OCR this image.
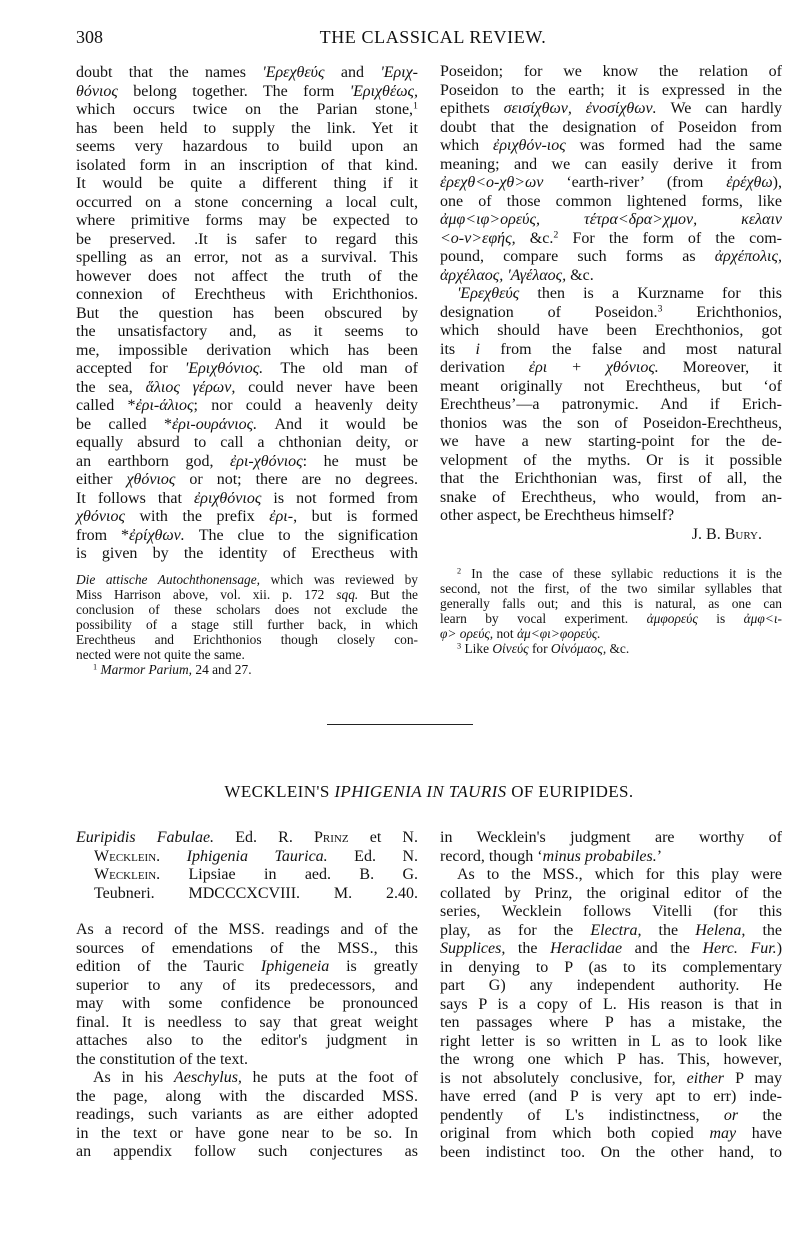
308	THE CLASSICAL REVIEW.
doubt that the names 'Ερεχθεύς and 'Εριχ-
θόνιος belong together. The form 'Εριχθέως,
which occurs twice on the Parian stone,$^1$
has been held to supply the link. Yet it
seems very hazardous to build upon an
isolated form in an inscription of that kind.
It would be quite a different thing if it
occurred on a stone concerning a local cult,
where primitive forms may be expected to
be preserved. .It is safer to regard this
spelling as an error, not as a survival. This
however does not affect the truth of the
connexion of Erechtheus with Erichthonios.
But the question has been obscured by
the unsatisfactory and, as it seems to
me, impossible derivation which has been
accepted for 'Εριχθόνιος. The old man of
the sea, ἅλιος γέρων, could never have been
called *ἐρι-άλιος; nor could a heavenly deity
be called *ἐρι-ουράνιος. And it would be
equally absurd to call a chthonian deity, or
an earthborn god, ἐρι-χθόνιος: he must be
either χθόνιος or not; there are no degrees.
It follows that ἐριχθόνιος is not formed from
χθόνιος with the prefix ἐρι-, but is formed
from *ἐρίχθων. The clue to the signification
is given by the identity of Erectheus with
Die attische Autochthonensage, which was reviewed by
Miss Harrison above, vol. xii. p. 172 sqq. But the
conclusion of these scholars does not exclude the
possibility of a stage still further back, in which
Erechtheus and Erichthonios though closely con-
nected were not quite the same.
$^1$ Marmor Parium, 24 and 27.
Poseidon; for we know the relation of
Poseidon to the earth; it is expressed in the
epithets σεισίχθων, ἐνοσίχθων. We can hardly
doubt that the designation of Poseidon from
which ἐριχθόν-ιος was formed had the same
meaning; and we can easily derive it from
ἐρεχθ<ο-χθ>ων ‘earth-river’ (from ἐρέχθω),
one of those common lightened forms, like
ἀμφ<ιφ>ορεύς, τέτρα<δρα>χμον,	κελαιν
<ο-ν>εφής, &c.$^2$ For the form of the com-
pound, compare such forms as ἀρχέπολις,
ἀρχέλαος, 'Αγέλαος, &c.
'Ερεχθεύς then is a Kurzname for this
designation of Poseidon.$^3$ Erichthonios,
which should have been Erechthonios, got
its i from the false and most natural
derivation ἐρι + χθόνιος. Moreover, it
meant originally not Erechtheus, but ‘of
Erechtheus’—a patronymic. And if Erich-
thonios was the son of Poseidon-Erechtheus,
we have a new starting-point for the de-
velopment of the myths. Or is it possible
that the Erichthonian was, first of all, the
snake of Erechtheus, who would, from an-
other aspect, be Erechtheus himself?
J. B. Bury.
$^2$ In the case of these syllabic reductions it is the
second, not the first, of the two similar syllables that
generally falls out; and this is natural, as one can
learn by vocal experiment. ἀμφορεύς is ἀμφ<ι-
φ> ορεύς, not ἀμ<φι>φορεύς.
$^3$ Like Οἰνεύς for Οἰνόμαος, &c.
WECKLEIN'S IPHIGENIA IN TAURIS OF EURIPIDES.
Euripidis Fabulae. Ed. R. Prinz et N.
Wecklein. Iphigenia Taurica. Ed. N.
Wecklein. Lipsiae in aed. B. G.
Teubneri. MDCCCXCVIII. M. 2.40.
As a record of the MSS. readings and of the
sources of emendations of the MSS., this
edition of the Tauric Iphigeneia is greatly
superior to any of its predecessors, and
may with some confidence be pronounced
final. It is needless to say that great weight
attaches also to the editor's judgment in
the constitution of the text.
As in his Aeschylus, he puts at the foot of
the page, along with the discarded MSS.
readings, such variants as are either adopted
in the text or have gone near to be so. In
an appendix follow such conjectures as
in Wecklein's judgment are worthy of
record, though ‘minus probabiles.’
As to the MSS., which for this play were
collated by Prinz, the original editor of the
series, Wecklein follows Vitelli (for this
play, as for the Electra, the Helena, the
Supplices, the Heraclidae and the Herc. Fur.)
in denying to P (as to its complementary
part G) any independent authority. He
says P is a copy of L. His reason is that in
ten passages where P has a mistake, the
right letter is so written in L as to look like
the wrong one which P has. This, however,
is not absolutely conclusive, for, either P may
have erred (and P is very apt to err) inde-
pendently of L's indistinctness, or the
original from which both copied may have
been indistinct too. On the other hand, to
